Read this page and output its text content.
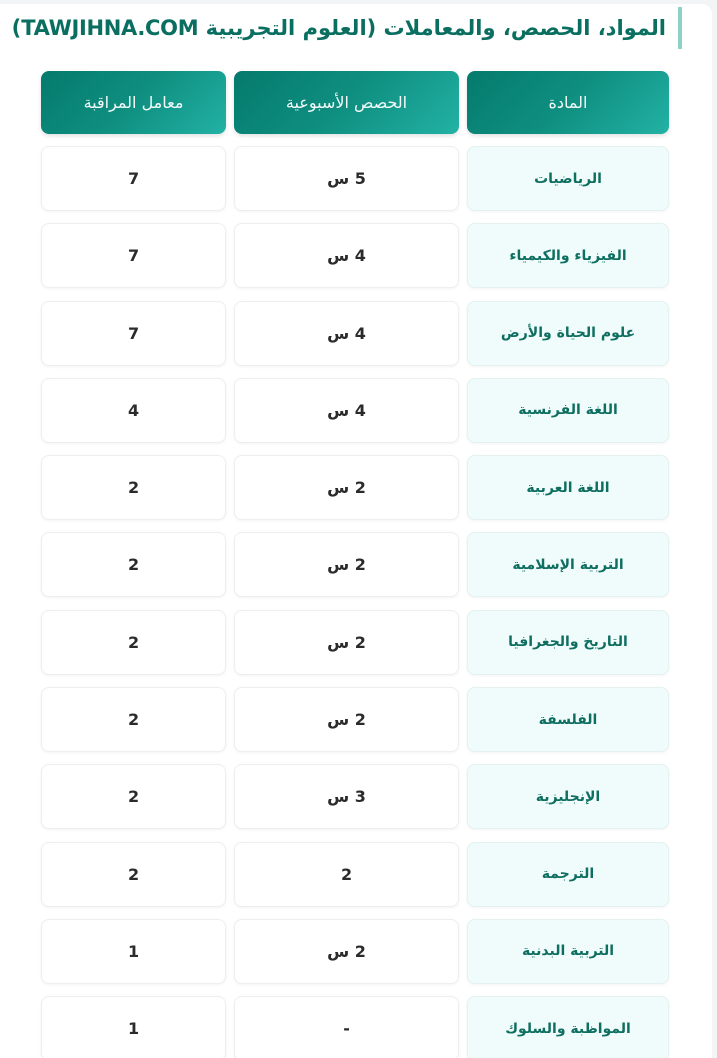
المواد، الحصص، والمعاملات (العلوم التجريبية TAWJIHNA.COM)
المادة
الحصص الأسبوعية
معامل المراقبة
الرياضيات
5 س
7
الفيزياء والكيمياء
4 س
7
علوم الحياة والأرض
4 س
7
اللغة الفرنسية
4 س
4
اللغة العربية
2 س
2
التربية الإسلامية
2 س
2
التاريخ والجغرافيا
2 س
2
الفلسفة
2 س
2
الإنجليزية
3 س
2
الترجمة
2
2
التربية البدنية
2 س
1
المواظبة والسلوك
-
1
